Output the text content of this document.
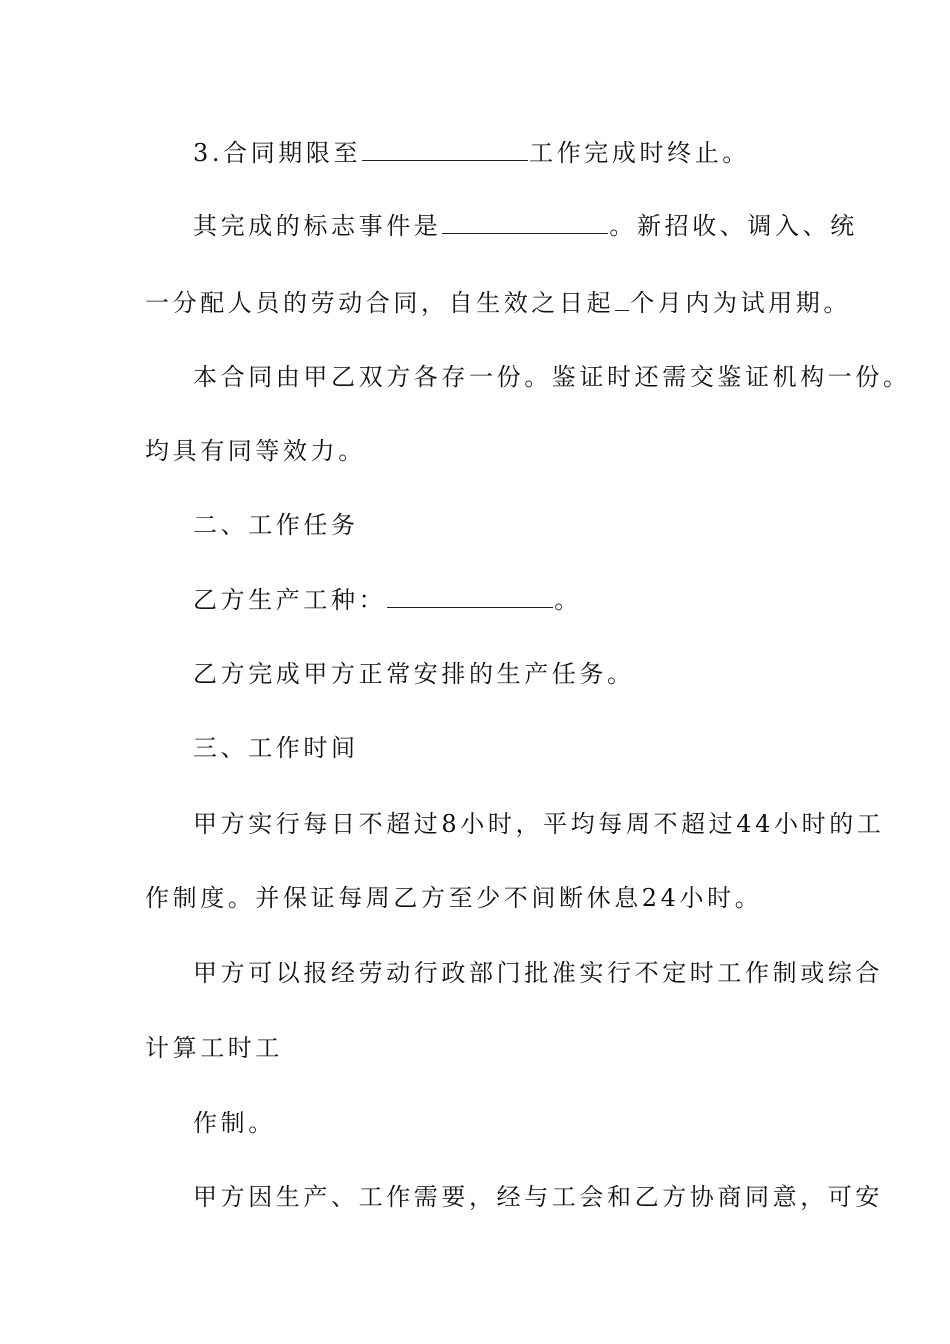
3.合同期限至	工作完成时终止。
其完成的标志事件是	。新招收、调入、统
一分配人员的劳动合同，自生效之日起 个月内为试用期。
本合同由甲乙双方各存一份。鉴证时还需交鉴证机构一份。
均具有同等效力。
二、工作任务
乙方生产工种：	。
乙方完成甲方正常安排的生产任务。
三、工作时间
甲方实行每日不超过8小时，平均每周不超过44小时的工
作制度。并保证每周乙方至少不间断休息24小时。
甲方可以报经劳动行政部门批准实行不定时工作制或综合
计算工时工
作制。
甲方因生产、工作需要，经与工会和乙方协商同意，可安
